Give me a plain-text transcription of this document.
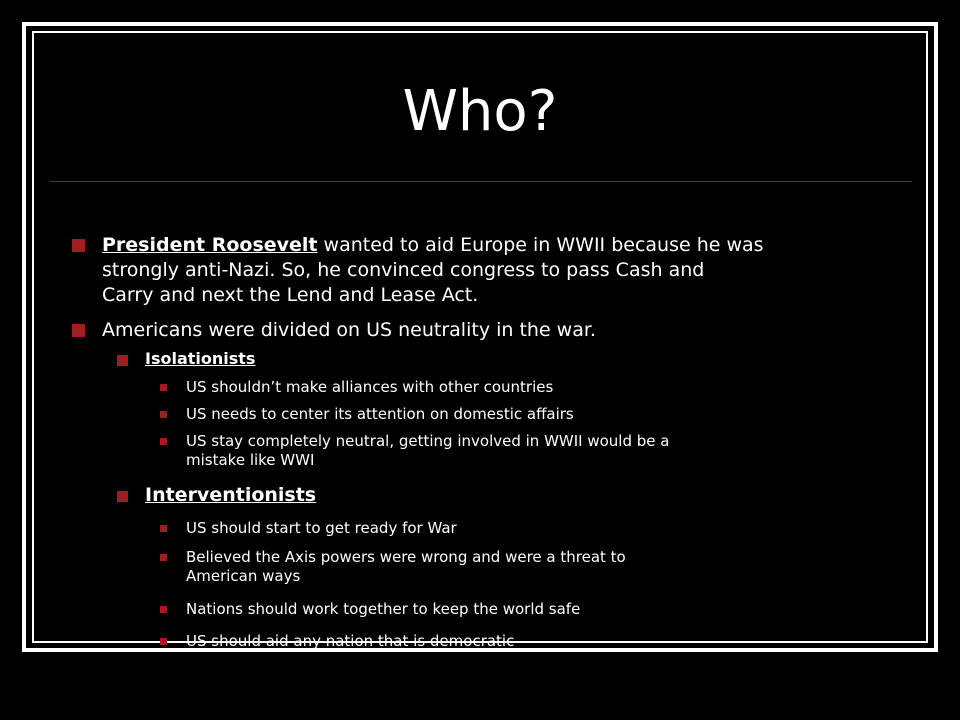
Who?
President Roosevelt wanted to aid Europe in WWII because he was
strongly anti-Nazi. So, he convinced congress to pass Cash and
Carry and next the Lend and Lease Act.
Americans were divided on US neutrality in the war.
Isolationists
US shouldn’t make alliances with other countries
US needs to center its attention on domestic affairs
US stay completely neutral, getting involved in WWII would be a
mistake like WWI
Interventionists
US should start to get ready for War
Believed the Axis powers were wrong and were a threat to
American ways
Nations should work together to keep the world safe
US should aid any nation that is democratic
